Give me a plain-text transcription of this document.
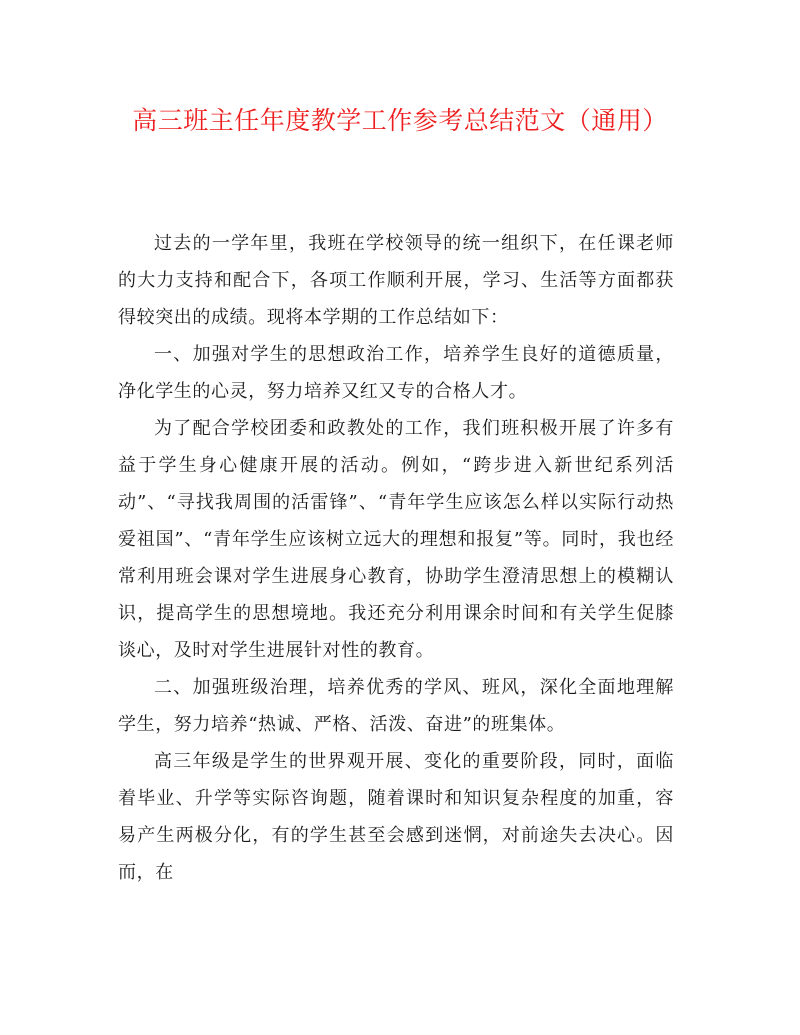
高三班主任年度教学工作参考总结范文（通用）

过去的一学年里，我班在学校领导的统一组织下，在任课老师的大力支持和配合下，各项工作顺利开展，学习、生活等方面都获得较突出的成绩。现将本学期的工作总结如下：

一、加强对学生的思想政治工作，培养学生良好的道德质量，净化学生的心灵，努力培养又红又专的合格人才。

为了配合学校团委和政教处的工作，我们班积极开展了许多有益于学生身心健康开展的活动。例如，“跨步进入新世纪系列活动”、“寻找我周围的活雷锋”、“青年学生应该怎么样以实际行动热爱祖国”、“青年学生应该树立远大的理想和报复”等。同时，我也经常利用班会课对学生进展身心教育，协助学生澄清思想上的模糊认识，提高学生的思想境地。我还充分利用课余时间和有关学生促膝谈心，及时对学生进展针对性的教育。

二、加强班级治理，培养优秀的学风、班风，深化全面地理解学生，努力培养“热诚、严格、活泼、奋进”的班集体。

高三年级是学生的世界观开展、变化的重要阶段，同时，面临着毕业、升学等实际咨询题，随着课时和知识复杂程度的加重，容易产生两极分化，有的学生甚至会感到迷惘，对前途失去决心。因而，在
